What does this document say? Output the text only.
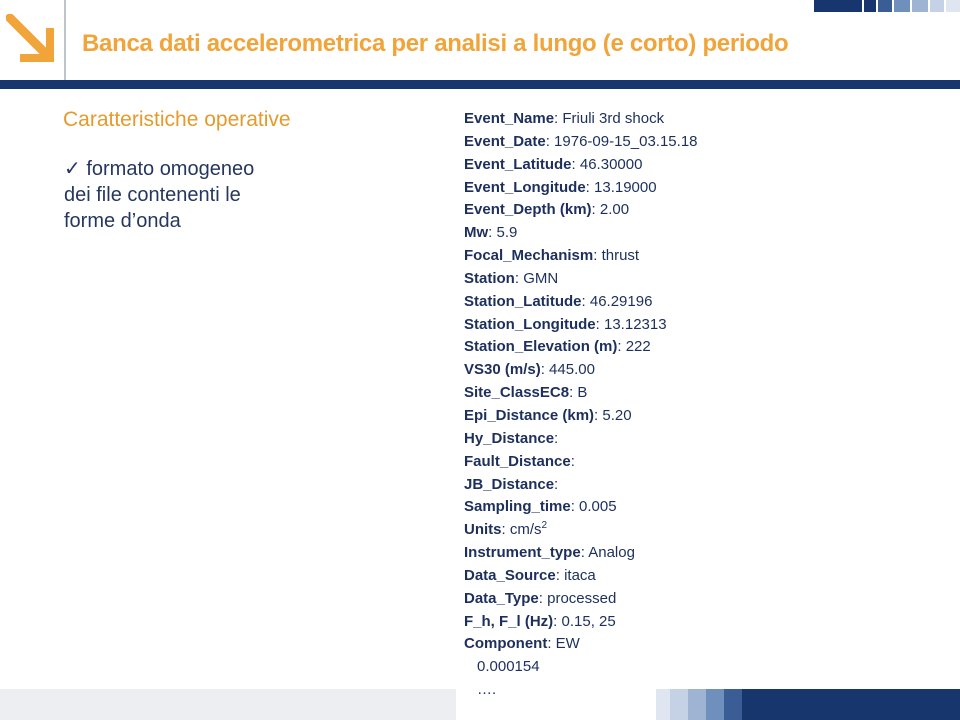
Banca dati accelerometrica per analisi a lungo (e corto) periodo
Caratteristiche operative
✓ formato omogeneo
dei file contenenti le
forme d’onda
Event_Name: Friuli 3rd shock
Event_Date: 1976-09-15_03.15.18
Event_Latitude: 46.30000
Event_Longitude: 13.19000
Event_Depth (km): 2.00
Mw: 5.9
Focal_Mechanism: thrust
Station: GMN
Station_Latitude: 46.29196
Station_Longitude: 13.12313
Station_Elevation (m): 222
VS30 (m/s): 445.00
Site_ClassEC8: B
Epi_Distance (km): 5.20
Hy_Distance:
Fault_Distance:
JB_Distance:
Sampling_time: 0.005
Units: $cm/s^2$
Instrument_type: Analog
Data_Source: itaca
Data_Type: processed
F_h, F_l (Hz): 0.15, 25
Component: EW
0.000154
….
